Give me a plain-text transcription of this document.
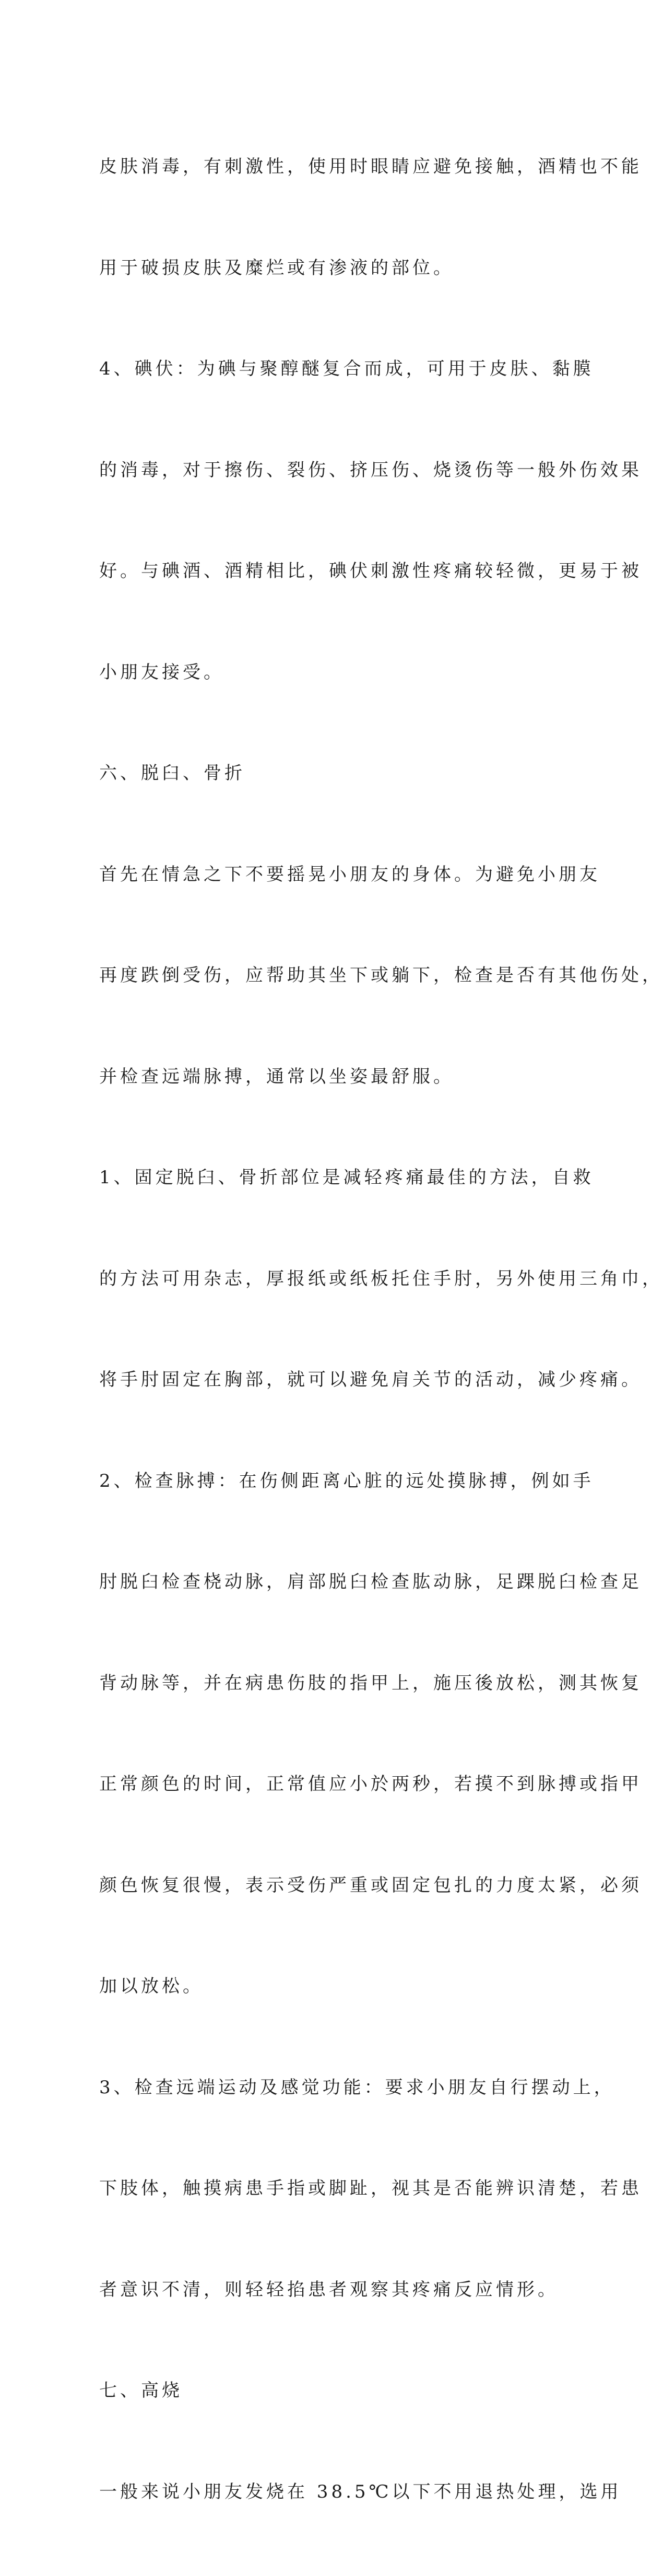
皮肤消毒，有刺激性，使用时眼睛应避免接触，酒精也不能

用于破损皮肤及糜烂或有渗液的部位。

4、碘伏：为碘与聚醇醚复合而成，可用于皮肤、黏膜

的消毒，对于擦伤、裂伤、挤压伤、烧烫伤等一般外伤效果

好。与碘酒、酒精相比，碘伏刺激性疼痛较轻微，更易于被

小朋友接受。

六、脱臼、骨折

首先在情急之下不要摇晃小朋友的身体。为避免小朋友

再度跌倒受伤，应帮助其坐下或躺下，检查是否有其他伤处，

并检查远端脉搏，通常以坐姿最舒服。

1、固定脱臼、骨折部位是减轻疼痛最佳的方法，自救

的方法可用杂志，厚报纸或纸板托住手肘，另外使用三角巾，

将手肘固定在胸部，就可以避免肩关节的活动，减少疼痛。

2、检查脉搏：在伤侧距离心脏的远处摸脉搏，例如手

肘脱臼检查桡动脉，肩部脱臼检查肱动脉，足踝脱臼检查足

背动脉等，并在病患伤肢的指甲上，施压後放松，测其恢复

正常颜色的时间，正常值应小於两秒，若摸不到脉搏或指甲

颜色恢复很慢，表示受伤严重或固定包扎的力度太紧，必须

加以放松。

3、检查远端运动及感觉功能：要求小朋友自行摆动上，

下肢体，触摸病患手指或脚趾，视其是否能辨识清楚，若患

者意识不清，则轻轻掐患者观察其疼痛反应情形。

七、高烧

一般来说小朋友发烧在 38.5℃以下不用退热处理，选用
